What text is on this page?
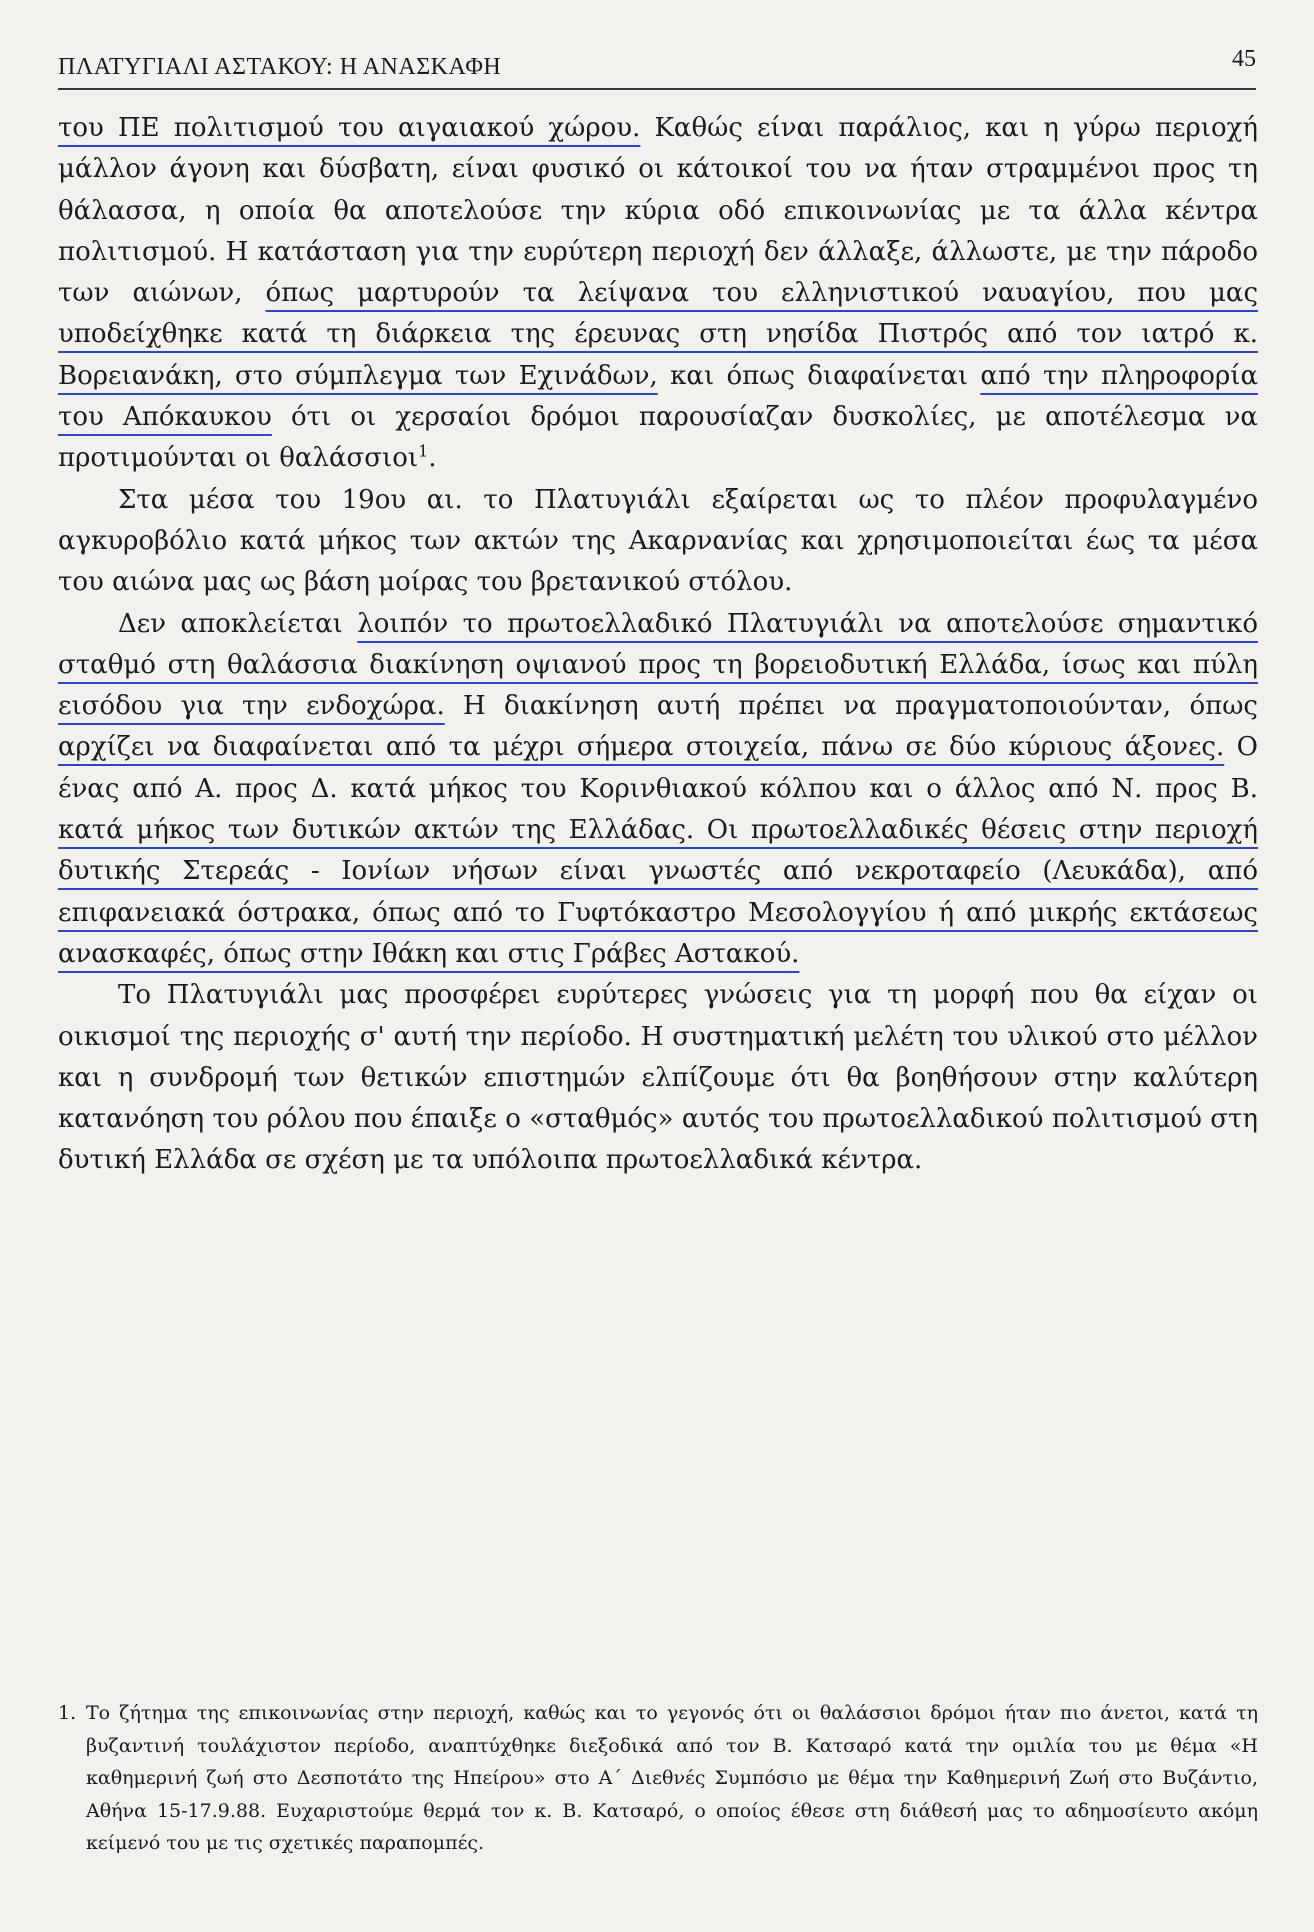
ΠΛΑΤΥΓΙΑΛΙ ΑΣΤΑΚΟΥ: Η ΑΝΑΣΚΑΦΗ	45

του ΠΕ πολιτισμού του αιγαιακού χώρου. Καθώς είναι παράλιος, και η γύρω περιοχή μάλλον άγονη και δύσβατη, είναι φυσικό οι κάτοικοί του να ήταν στραμμένοι προς τη θάλασσα, η οποία θα αποτελούσε την κύρια οδό επικοινωνίας με τα άλλα κέντρα πολιτισμού. Η κατάσταση για την ευρύτερη περιοχή δεν άλλαξε, άλλωστε, με την πάροδο των αιώνων, όπως μαρτυρούν τα λείψανα του ελληνιστικού ναυαγίου, που μας υποδείχθηκε κατά τη διάρκεια της έρευνας στη νησίδα Πιστρός από τον ιατρό κ. Βορειανάκη, στο σύμπλεγμα των Εχινάδων, και όπως διαφαίνεται από την πληροφορία του Απόκαυκου ότι οι χερσαίοι δρόμοι παρουσίαζαν δυσκολίες, με αποτέλεσμα να προτιμούνται οι θαλάσσιοι$^1$.

Στα μέσα του 19ου αι. το Πλατυγιάλι εξαίρεται ως το πλέον προφυλαγμένο αγκυροβόλιο κατά μήκος των ακτών της Ακαρνανίας και χρησιμοποιείται έως τα μέσα του αιώνα μας ως βάση μοίρας του βρετανικού στόλου.

Δεν αποκλείεται λοιπόν το πρωτοελλαδικό Πλατυγιάλι να αποτελούσε σημαντικό σταθμό στη θαλάσσια διακίνηση οψιανού προς τη βορειοδυτική Ελλάδα, ίσως και πύλη εισόδου για την ενδοχώρα. Η διακίνηση αυτή πρέπει να πραγματοποιούνταν, όπως αρχίζει να διαφαίνεται από τα μέχρι σήμερα στοιχεία, πάνω σε δύο κύριους άξονες. Ο ένας από Α. προς Δ. κατά μήκος του Κορινθιακού κόλπου και ο άλλος από Ν. προς Β. κατά μήκος των δυτικών ακτών της Ελλάδας. Οι πρωτοελλαδικές θέσεις στην περιοχή δυτικής Στερεάς - Ιονίων νήσων είναι γνωστές από νεκροταφείο (Λευκάδα), από επιφανειακά όστρακα, όπως από το Γυφτόκαστρο Μεσολογγίου ή από μικρής εκτάσεως ανασκαφές, όπως στην Ιθάκη και στις Γράβες Αστακού.

Το Πλατυγιάλι μας προσφέρει ευρύτερες γνώσεις για τη μορφή που θα είχαν οι οικισμοί της περιοχής σ' αυτή την περίοδο. Η συστηματική μελέτη του υλικού στο μέλλον και η συνδρομή των θετικών επιστημών ελπίζουμε ότι θα βοηθήσουν στην καλύτερη κατανόηση του ρόλου που έπαιξε ο «σταθμός» αυτός του πρωτοελλαδικού πολιτισμού στη δυτική Ελλάδα σε σχέση με τα υπόλοιπα πρωτοελλαδικά κέντρα.

1. Το ζήτημα της επικοινωνίας στην περιοχή, καθώς και το γεγονός ότι οι θαλάσσιοι δρόμοι ήταν πιο άνετοι, κατά τη βυζαντινή τουλάχιστον περίοδο, αναπτύχθηκε διεξοδικά από τον Β. Κατσαρό κατά την ομιλία του με θέμα «Η καθημερινή ζωή στο Δεσποτάτο της Ηπείρου» στο Α΄ Διεθνές Συμπόσιο με θέμα την Καθημερινή Ζωή στο Βυζάντιο, Αθήνα 15-17.9.88. Ευχαριστούμε θερμά τον κ. Β. Κατσαρό, ο οποίος έθεσε στη διάθεσή μας το αδημοσίευτο ακόμη κείμενό του με τις σχετικές παραπομπές.
